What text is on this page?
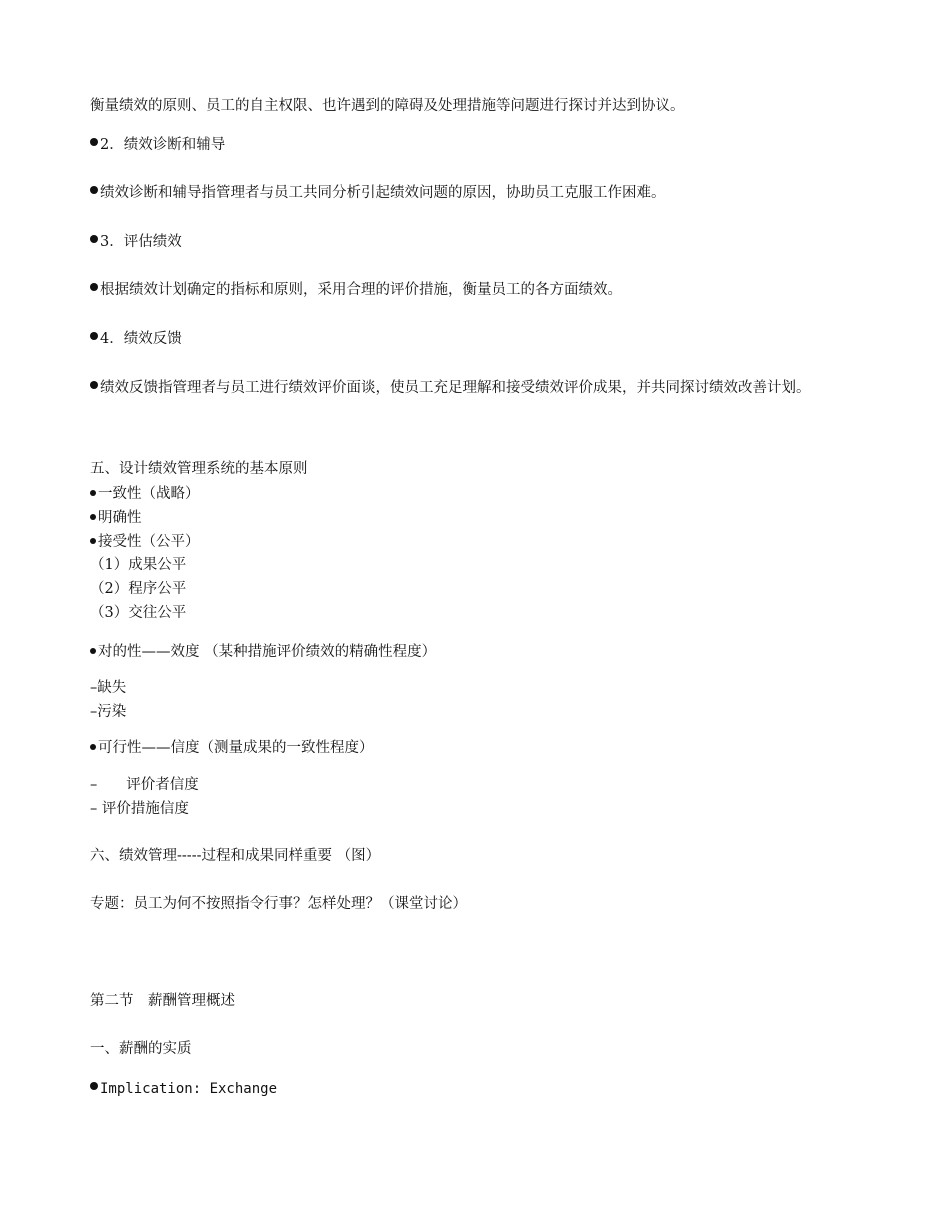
衡量绩效的原则、员工的自主权限、也许遇到的障碍及处理措施等问题进行探讨并达到协议。
2．绩效诊断和辅导
绩效诊断和辅导指管理者与员工共同分析引起绩效问题的原因，协助员工克服工作困难。
3．评估绩效
根据绩效计划确定的指标和原则，采用合理的评价措施，衡量员工的各方面绩效。
4．绩效反馈
绩效反馈指管理者与员工进行绩效评价面谈，使员工充足理解和接受绩效评价成果，并共同探讨绩效改善计划。
五、设计绩效管理系统的基本原则
一致性（战略）
明确性
接受性（公平）
（1）成果公平
（2）程序公平
（3）交往公平
对的性——效度 （某种措施评价绩效的精确性程度）
–缺失
–污染
可行性——信度（测量成果的一致性程度）
–　　评价者信度
– 评价措施信度
六、绩效管理-----过程和成果同样重要 （图）
专题：员工为何不按照指令行事？怎样处理？（课堂讨论）
第二节　薪酬管理概述
一、薪酬的实质
Implication: Exchange
